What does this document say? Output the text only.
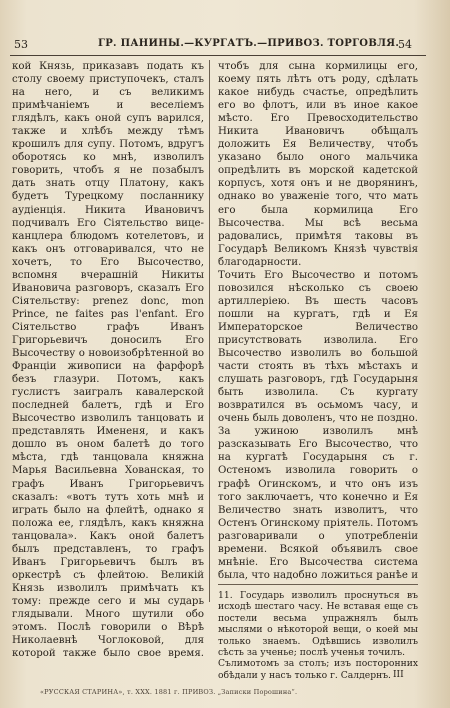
53	ГР. ПАНИНЫ.—КУРГАТЪ.—ПРИВОЗ. ТОРГОВЛЯ.
54
кой Князь, приказавъ подать къ столу своему приступочекъ, сталъ на него, и съ великимъ примѣчаніемъ и веселіемъ глядѣлъ, какъ оной супъ варился, также и хлѣбъ между тѣмъ крошилъ для супу. Потомъ, вдругъ оборотясь ко мнѣ, изволилъ говорить, чтобъ я не позабылъ дать знать отцу Платону, какъ будетъ Турецкому посланнику аудіенція. Никита Ивановичъ подчивалъ Его Сіятельство вице-канцлера блюдомъ котелетовъ, и какъ онъ отговаривался, что не хочетъ, то Его Высочество, вспомня вчерашній Никиты Ивановича разговоръ, сказалъ Его Сіятельству: prenez donc, mon Prince, ne faites pas l'enfant. Его Сіятельство графъ Иванъ Григорьевичъ доносилъ Его Высочеству о новоизобрѣтенной во Франціи живописи на фарфорѣ безъ глазури. Потомъ, какъ гуслистъ заигралъ кавалерской последней балетъ, гдѣ и Его Высочество изволилъ танцовать и представлять Имененя, и какъ дошло въ оном балетѣ до того мѣста, гдѣ танцовала княжна Марья Васильевна Хованская, то графъ Иванъ Григорьевичъ сказалъ: «вотъ тутъ хоть мнѣ и играть было на флейтѣ, однако я положа ее, глядѣлъ, какъ княжна танцовала». Какъ оной балетъ былъ представленъ, то графъ Иванъ Григорьевичъ былъ въ оркестрѣ съ флейтою. Великій Князь изволилъ примѣчать къ тому: прежде сего и мы сударь глядывали. Много шутили обо этомъ. Послѣ говорили о Вѣрѣ Николаевнѣ Чоглоковой, для которой также было свое время.

чтобъ для сына кормилицы его, коему пять лѣтъ отъ роду, сдѣлать какое нибудь счастье, опредѣлить его во флотъ, или въ иное какое мѣсто. Его Превосходительство Никита Ивановичъ обѣщалъ доложить Ея Величеству, чтобъ указано было оного мальчика опредѣлить въ морской кадетской корпусъ, хотя онъ и не дворянинъ, однако во уваженіе того, что мать его была кормилица Его Высочества. Мы всѣ весьма радовались, примѣтя таковы въ Государѣ Великомъ Князѣ чувствія благодарности.
Точить Его Высочество и потомъ повозился нѣсколько съ своею артиллеріею. Въ шесть часовъ пошли на кургатъ, гдѣ и Ея Императорское Величество присутствовать изволила. Его Высочество изволилъ во большой части стоять въ тѣхъ мѣстахъ и слушать разговоръ, гдѣ Государыня быть изволила. Съ кургату возвратился въ осьмомъ часу, и очень быль доволенъ, что не поздно. За ужиною изволилъ мнѣ разсказывать Его Высочество, что на кургатѣ Государыня съ г. Остеномъ изволила говорить о графѣ Огинскомъ, и что онъ изъ того заключаетъ, что конечно и Ея Величество знать изволитъ, что Остенъ Огинскому пріятель. Потомъ разговаривали о употребленіи времени. Всякой объявилъ свое мнѣніе. Его Высочества система была, что надобно ложиться ранѣе и
11. Государь изволилъ проснуться въ исходѣ шестаго часу. Не вставая еще съ постели весьма упражнялъ былъ мыслями о нѣкоторой вещи, о коей мы только знаемъ. Одѣвшись изволилъ сѣсть за ученье; послѣ ученья точилъ.
Сълимотомъ за столъ; изъ посторонних обѣдали у насъ только г. Салдернъ. III
«РУССКАЯ СТАРИНА», т. XXX. 1881 г. ПРИВОЗ. „Записки Порошина“.
